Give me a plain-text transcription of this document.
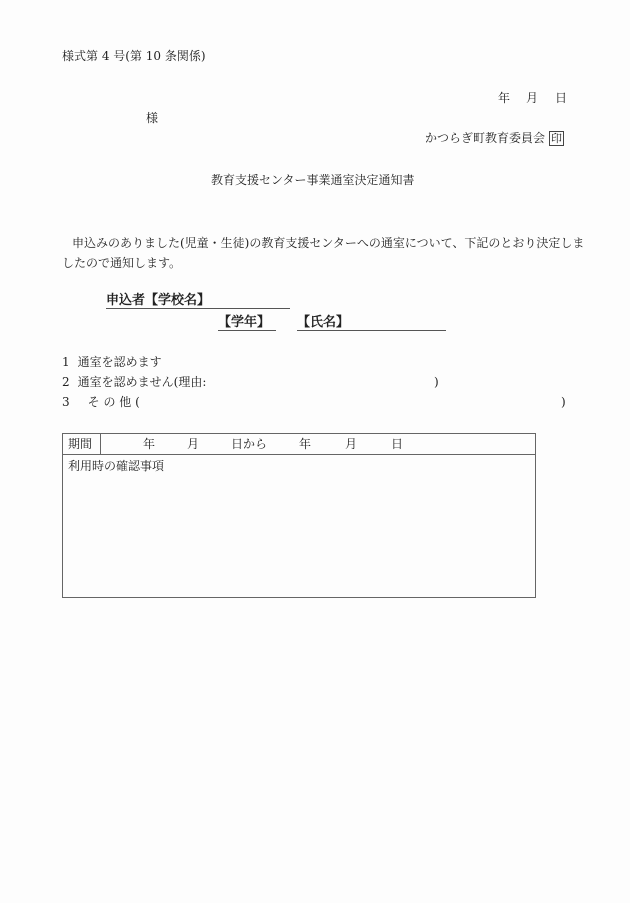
様式第 4 号(第 10 条関係)
年 月 日
様
かつらぎ町教育委員会 印
教育支援センター事業通室決定通知書
申込みのありました(児童・生徒)の教育支援センターへの通室について、下記のとおり決定しま
したので通知します。
申込者【学校名】
【学年】	【氏名】
1 通室を認めます
2 通室を認めません(理由:	)
3 そ の 他 (	)
期間	年	月	日から	年	月	日
利用時の確認事項
